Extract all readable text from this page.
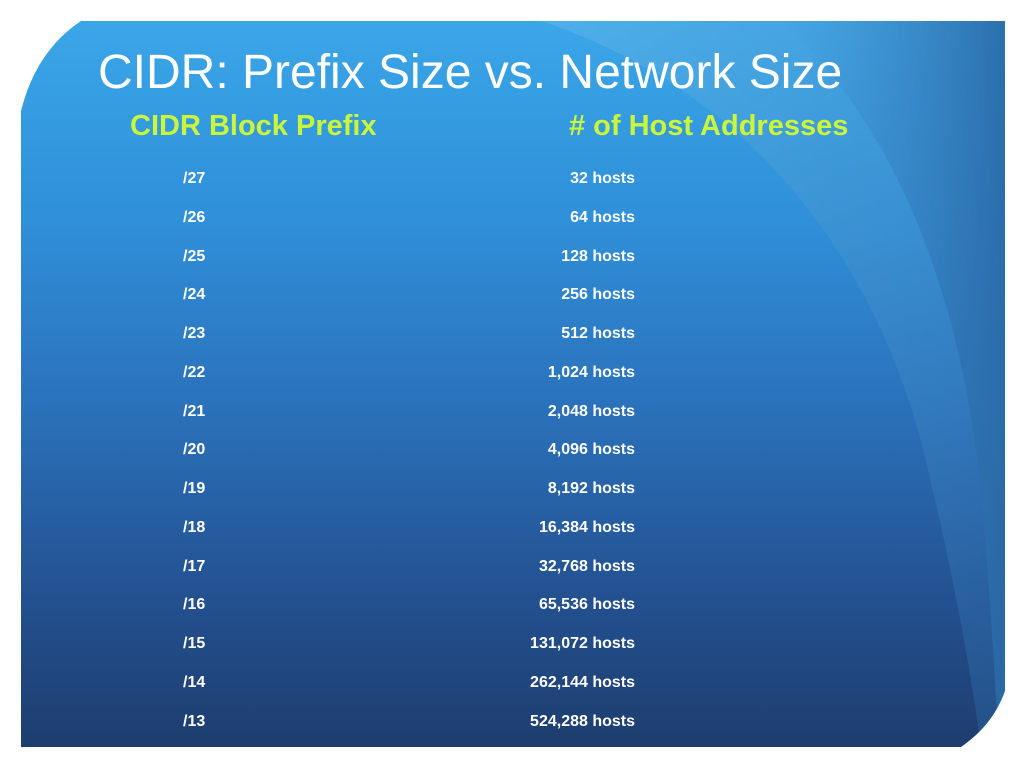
CIDR: Prefix Size vs. Network Size
CIDR Block Prefix	# of Host Addresses
/27	32 hosts
/26	64 hosts
/25	128 hosts
/24	256 hosts
/23	512 hosts
/22	1,024 hosts
/21	2,048 hosts
/20	4,096 hosts
/19	8,192 hosts
/18	16,384 hosts
/17	32,768 hosts
/16	65,536 hosts
/15	131,072 hosts
/14	262,144 hosts
/13	524,288 hosts
